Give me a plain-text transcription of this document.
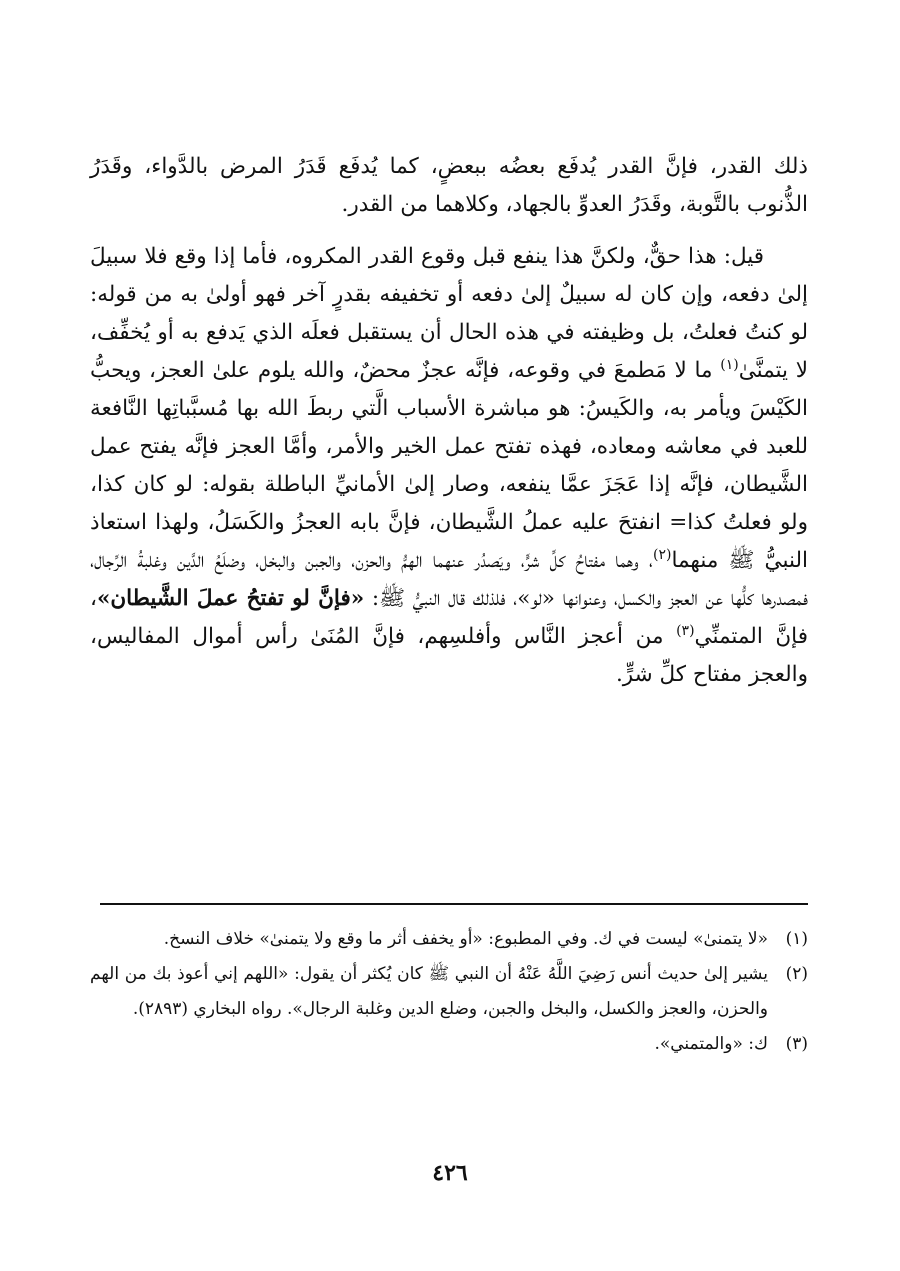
ذلك القدر، فإنَّ القدر يُدفَع بعضُه ببعضٍ، كما يُدفَع قَدَرُ المرض بالدَّواء، وقَدَرُ الذُّنوب بالتَّوبة، وقَدَرُ العدوِّ بالجهاد، وكلاهما من القدر.

قيل: هذا حقٌّ، ولكنَّ هذا ينفع قبل وقوع القدر المكروه، فأما إذا وقع فلا سبيلَ إلىٰ دفعه، وإن كان له سبيلٌ إلىٰ دفعه أو تخفيفه بقدرٍ آخر فهو أولىٰ به من قوله: لو كنتُ فعلتُ، بل وظيفته في هذه الحال أن يستقبل فعلَه الذي يَدفع به أو يُخفِّف، لا يتمنَّىٰ$^{(١)}$ ما لا مَطمعَ في وقوعه، فإنَّه عجزٌ محضٌ، والله يلوم علىٰ العجز، ويحبُّ الكَيْسَ ويأمر به، والكَيسُ: هو مباشرة الأسباب الَّتي ربطَ الله بها مُسبَّباتِها النَّافعة للعبد في معاشه ومعاده، فهذه تفتح عمل الخير والأمر، وأمَّا العجز فإنَّه يفتح عمل الشَّيطان، فإنَّه إذا عَجَزَ عمَّا ينفعه، وصار إلىٰ الأمانيِّ الباطلة بقوله: لو كان كذا، ولو فعلتُ كذا= انفتحَ عليه عملُ الشَّيطان، فإنَّ بابه العجزُ والكَسَلُ، ولهذا استعاذ النبيُّ ﷺ منهما$^{(٢)}$، وهما مفتاحُ كلِّ شرٍّ، ويَصدُر عنهما الهمُّ والحزن، والجبن والبخل، وضلَعُ الدَّين وغلبةُ الرِّجال، فمصدرها كلُّها عن العجز والكسل، وعنوانها «لو»، فلذلك قال النبيُّ ﷺ: «فإنَّ لو تفتحُ عملَ الشَّيطان»، فإنَّ المتمنِّي$^{(٣)}$ من أعجز النَّاس وأفلسِهم، فإنَّ المُنَىٰ رأس أموال المفاليس، والعجز مفتاح كلِّ شرٍّ.

(١)
«لا يتمنىٰ» ليست في ك. وفي المطبوع: «أو يخفف أثر ما وقع ولا يتمنىٰ» خلاف النسخ.
(٢)
يشير إلىٰ حديث أنس رَضِيَ اللَّهُ عَنْهُ أن النبي ﷺ كان يُكثر أن يقول: «اللهم إني أعوذ بك من الهم والحزن، والعجز والكسل، والبخل والجبن، وضلع الدين وغلبة الرجال». رواه البخاري (٢٨٩٣).
(٣)
ك: «والمتمني».
٤٢٦
